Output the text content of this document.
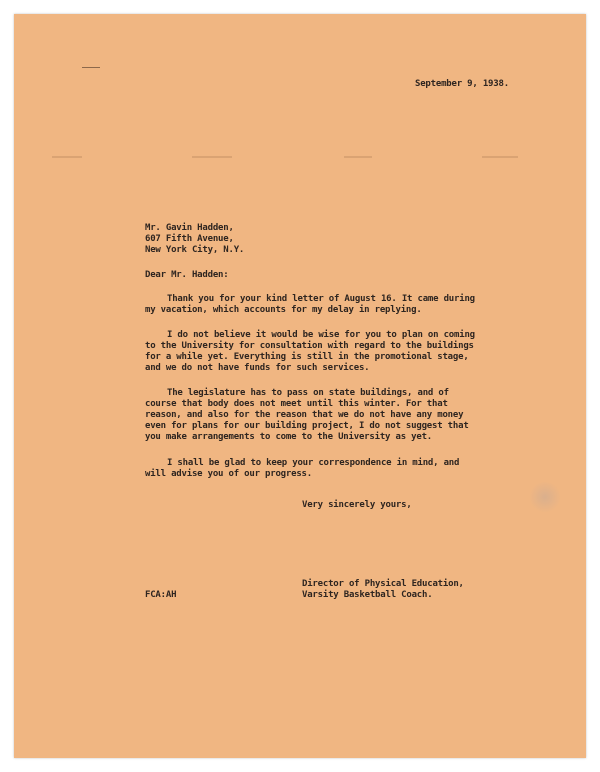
September 9, 1938.
Mr. Gavin Hadden,
607 Fifth Avenue,
New York City, N.Y.
Dear Mr. Hadden:
Thank you for your kind letter of August 16. It came during
my vacation, which accounts for my delay in replying.
I do not believe it would be wise for you to plan on coming
to the University for consultation with regard to the buildings
for a while yet. Everything is still in the promotional stage,
and we do not have funds for such services.
The legislature has to pass on state buildings, and of
course that body does not meet until this winter. For that
reason, and also for the reason that we do not have any money
even for plans for our building project, I do not suggest that
you make arrangements to come to the University as yet.
I shall be glad to keep your correspondence in mind, and
will advise you of our progress.
Very sincerely yours,
FCA:AH
Director of Physical Education,
Varsity Basketball Coach.
